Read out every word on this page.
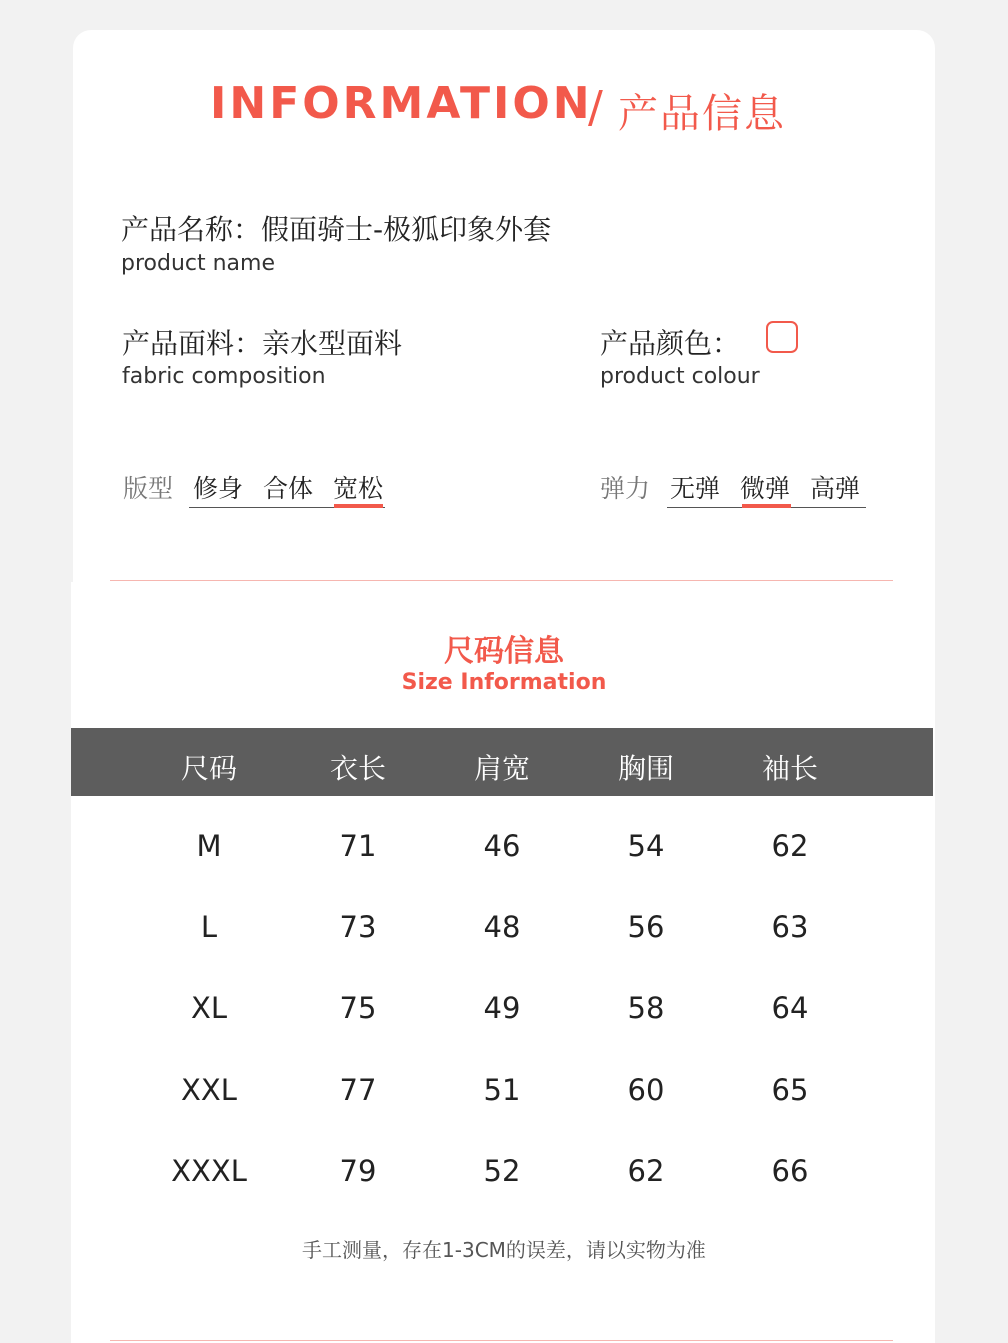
INFORMATION
/ 产品信息
产品名称：假面骑士-极狐印象外套
product name
产品面料：亲水型面料
fabric composition
产品颜色：
product colour
版型 修身 合体 宽松	弹力 无弹 微弹 高弹
尺码信息
Size Information
尺码	衣长	肩宽	胸围	袖长
M	71	46	54	62
L	73	48	56	63
XL	75	49	58	64
XXL	77	51	60	65
XXXL	79	52	62	66
手工测量，存在1-3CM的误差，请以实物为准
